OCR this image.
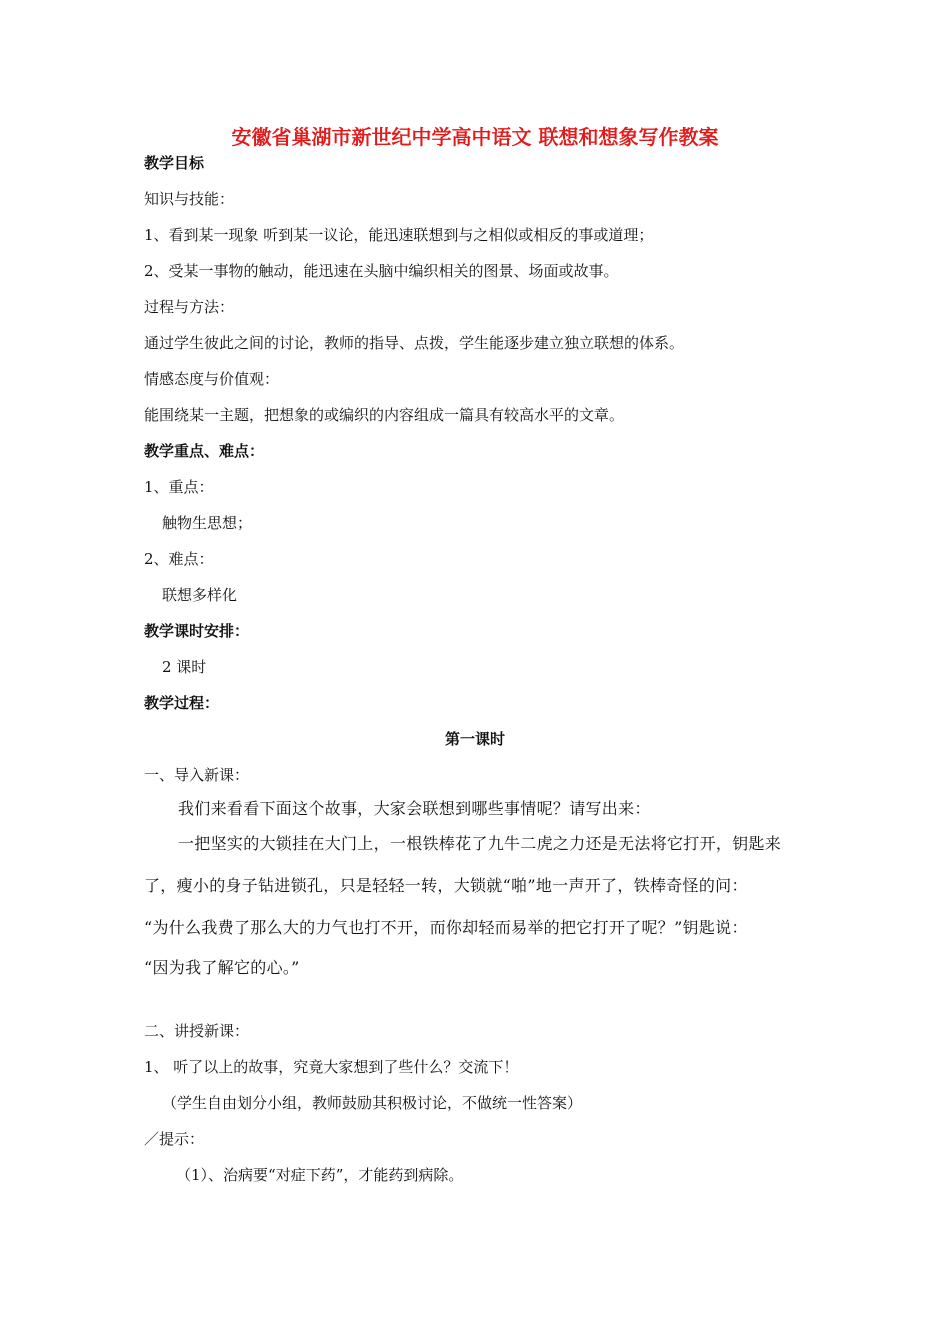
安徽省巢湖市新世纪中学高中语文 联想和想象写作教案
教学目标
知识与技能：
1、看到某一现象 听到某一议论，能迅速联想到与之相似或相反的事或道理；
2、受某一事物的触动，能迅速在头脑中编织相关的图景、场面或故事。
过程与方法：
通过学生彼此之间的讨论，教师的指导、点拨，学生能逐步建立独立联想的体系。
情感态度与价值观：
能围绕某一主题，把想象的或编织的内容组成一篇具有较高水平的文章。
教学重点、难点：
1、重点：
触物生思想；
2、难点：
联想多样化
教学课时安排：
2 课时
教学过程：
第一课时
一、导入新课：
我们来看看下面这个故事，大家会联想到哪些事情呢？请写出来：
一把坚实的大锁挂在大门上，一根铁棒花了九牛二虎之力还是无法将它打开，钥匙来
了，瘦小的身子钻进锁孔，只是轻轻一转，大锁就“啪”地一声开了，铁棒奇怪的问：
“为什么我费了那么大的力气也打不开，而你却轻而易举的把它打开了呢？”钥匙说：
“因为我了解它的心。”
二、讲授新课：
1、 听了以上的故事，究竟大家想到了些什么？交流下！
（学生自由划分小组，教师鼓励其积极讨论，不做统一性答案）
／提示：
（1）、治病要“对症下药”，才能药到病除。
